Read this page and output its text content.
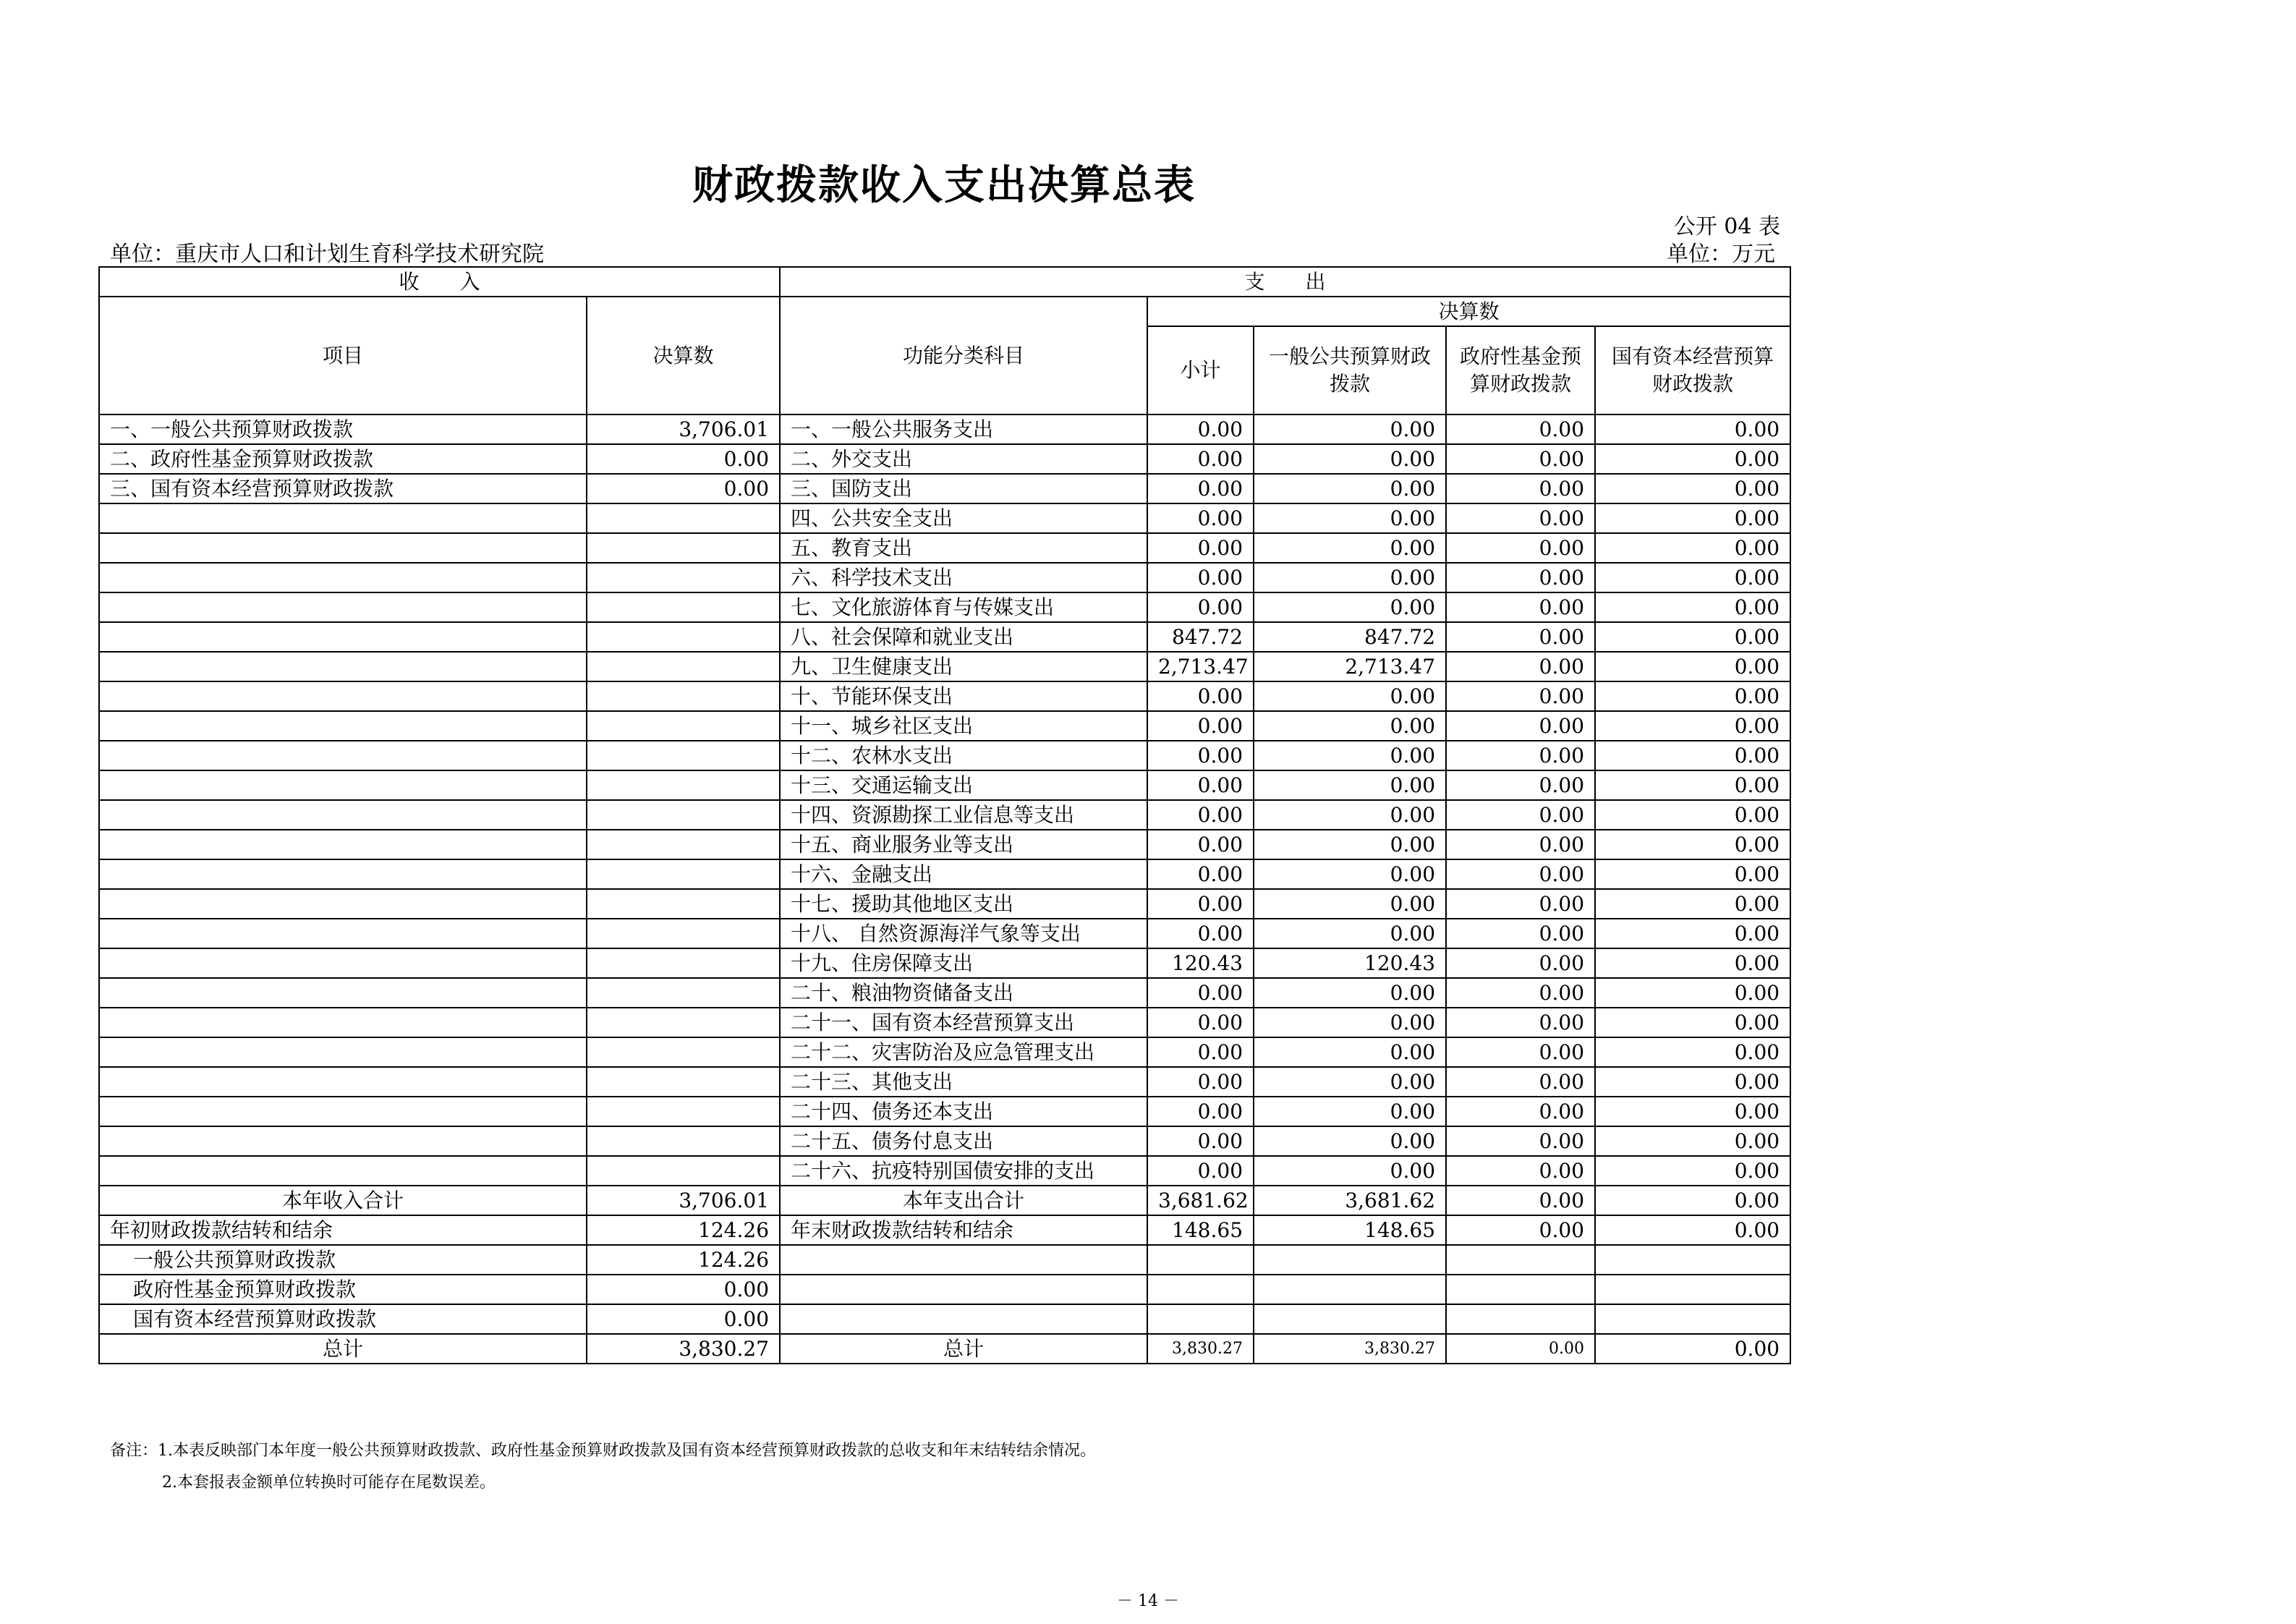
财政拨款收入支出决算总表
公开 04 表
单位：重庆市人口和计划生育科学技术研究院	单位：万元
收　　入		支　　出				
项目	决算数	功能分类科目	决算数			
			小计	一般公共预算财政拨款	政府性基金预算财政拨款	国有资本经营预算财政拨款
一、一般公共预算财政拨款	3,706.01	一、一般公共服务支出	0.00	0.00	0.00	0.00
二、政府性基金预算财政拨款	0.00	二、外交支出	0.00	0.00	0.00	0.00
三、国有资本经营预算财政拨款	0.00	三、国防支出	0.00	0.00	0.00	0.00
		四、公共安全支出	0.00	0.00	0.00	0.00
		五、教育支出	0.00	0.00	0.00	0.00
		六、科学技术支出	0.00	0.00	0.00	0.00
		七、文化旅游体育与传媒支出	0.00	0.00	0.00	0.00
		八、社会保障和就业支出	847.72	847.72	0.00	0.00
		九、卫生健康支出	2,713.47	2,713.47	0.00	0.00
		十、节能环保支出	0.00	0.00	0.00	0.00
		十一、城乡社区支出	0.00	0.00	0.00	0.00
		十二、农林水支出	0.00	0.00	0.00	0.00
		十三、交通运输支出	0.00	0.00	0.00	0.00
		十四、资源勘探工业信息等支出	0.00	0.00	0.00	0.00
		十五、商业服务业等支出	0.00	0.00	0.00	0.00
		十六、金融支出	0.00	0.00	0.00	0.00
		十七、援助其他地区支出	0.00	0.00	0.00	0.00
		十八、 自然资源海洋气象等支出	0.00	0.00	0.00	0.00
		十九、住房保障支出	120.43	120.43	0.00	0.00
		二十、粮油物资储备支出	0.00	0.00	0.00	0.00
		二十一、国有资本经营预算支出	0.00	0.00	0.00	0.00
		二十二、灾害防治及应急管理支出	0.00	0.00	0.00	0.00
		二十三、其他支出	0.00	0.00	0.00	0.00
		二十四、债务还本支出	0.00	0.00	0.00	0.00
		二十五、债务付息支出	0.00	0.00	0.00	0.00
		二十六、抗疫特别国债安排的支出	0.00	0.00	0.00	0.00
本年收入合计	3,706.01	本年支出合计	3,681.62	3,681.62	0.00	0.00
年初财政拨款结转和结余	124.26	年末财政拨款结转和结余	148.65	148.65	0.00	0.00
一般公共预算财政拨款	124.26					
政府性基金预算财政拨款	0.00					
国有资本经营预算财政拨款	0.00					
总计	3,830.27	总计	3,830.27	3,830.27	0.00	0.00
备注：1.本表反映部门本年度一般公共预算财政拨款、政府性基金预算财政拨款及国有资本经营预算财政拨款的总收支和年末结转结余情况。
2.本套报表金额单位转换时可能存在尾数误差。
－ 14 －
